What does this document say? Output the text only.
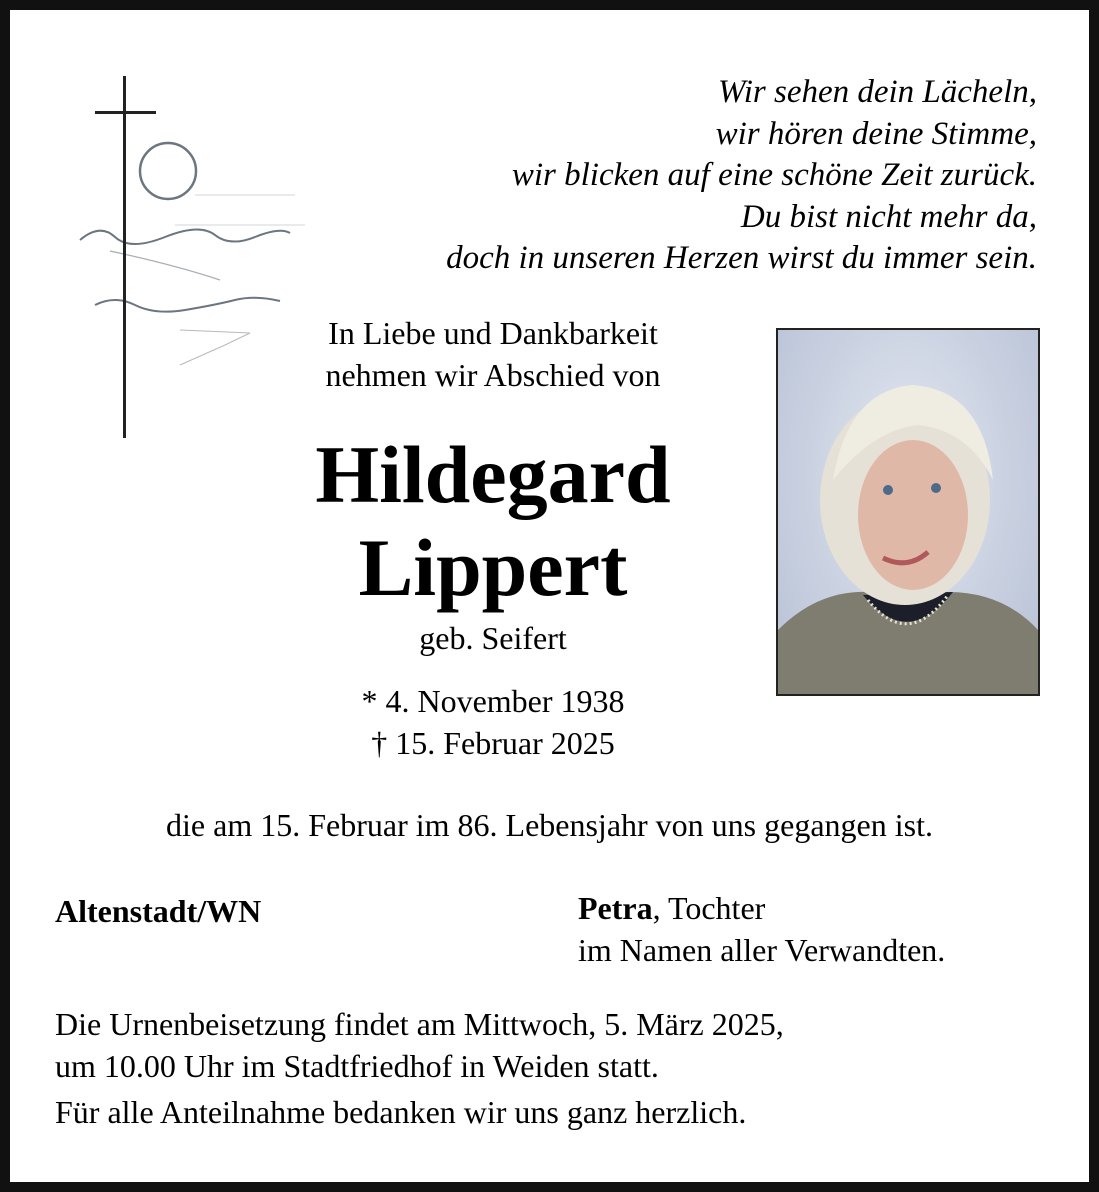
Wir sehen dein Lächeln,
wir hören deine Stimme,
wir blicken auf eine schöne Zeit zurück.
Du bist nicht mehr da,
doch in unseren Herzen wirst du immer sein.
In Liebe und Dankbarkeit
nehmen wir Abschied von
Hildegard
Lippert
geb. Seifert
* 4. November 1938
† 15. Februar 2025
die am 15. Februar im 86. Lebensjahr von uns gegangen ist.
Altenstadt/WN	Petra, Tochter
im Namen aller Verwandten.
Die Urnenbeisetzung findet am Mittwoch, 5. März 2025,
um 10.00 Uhr im Stadtfriedhof in Weiden statt.
Für alle Anteilnahme bedanken wir uns ganz herzlich.
